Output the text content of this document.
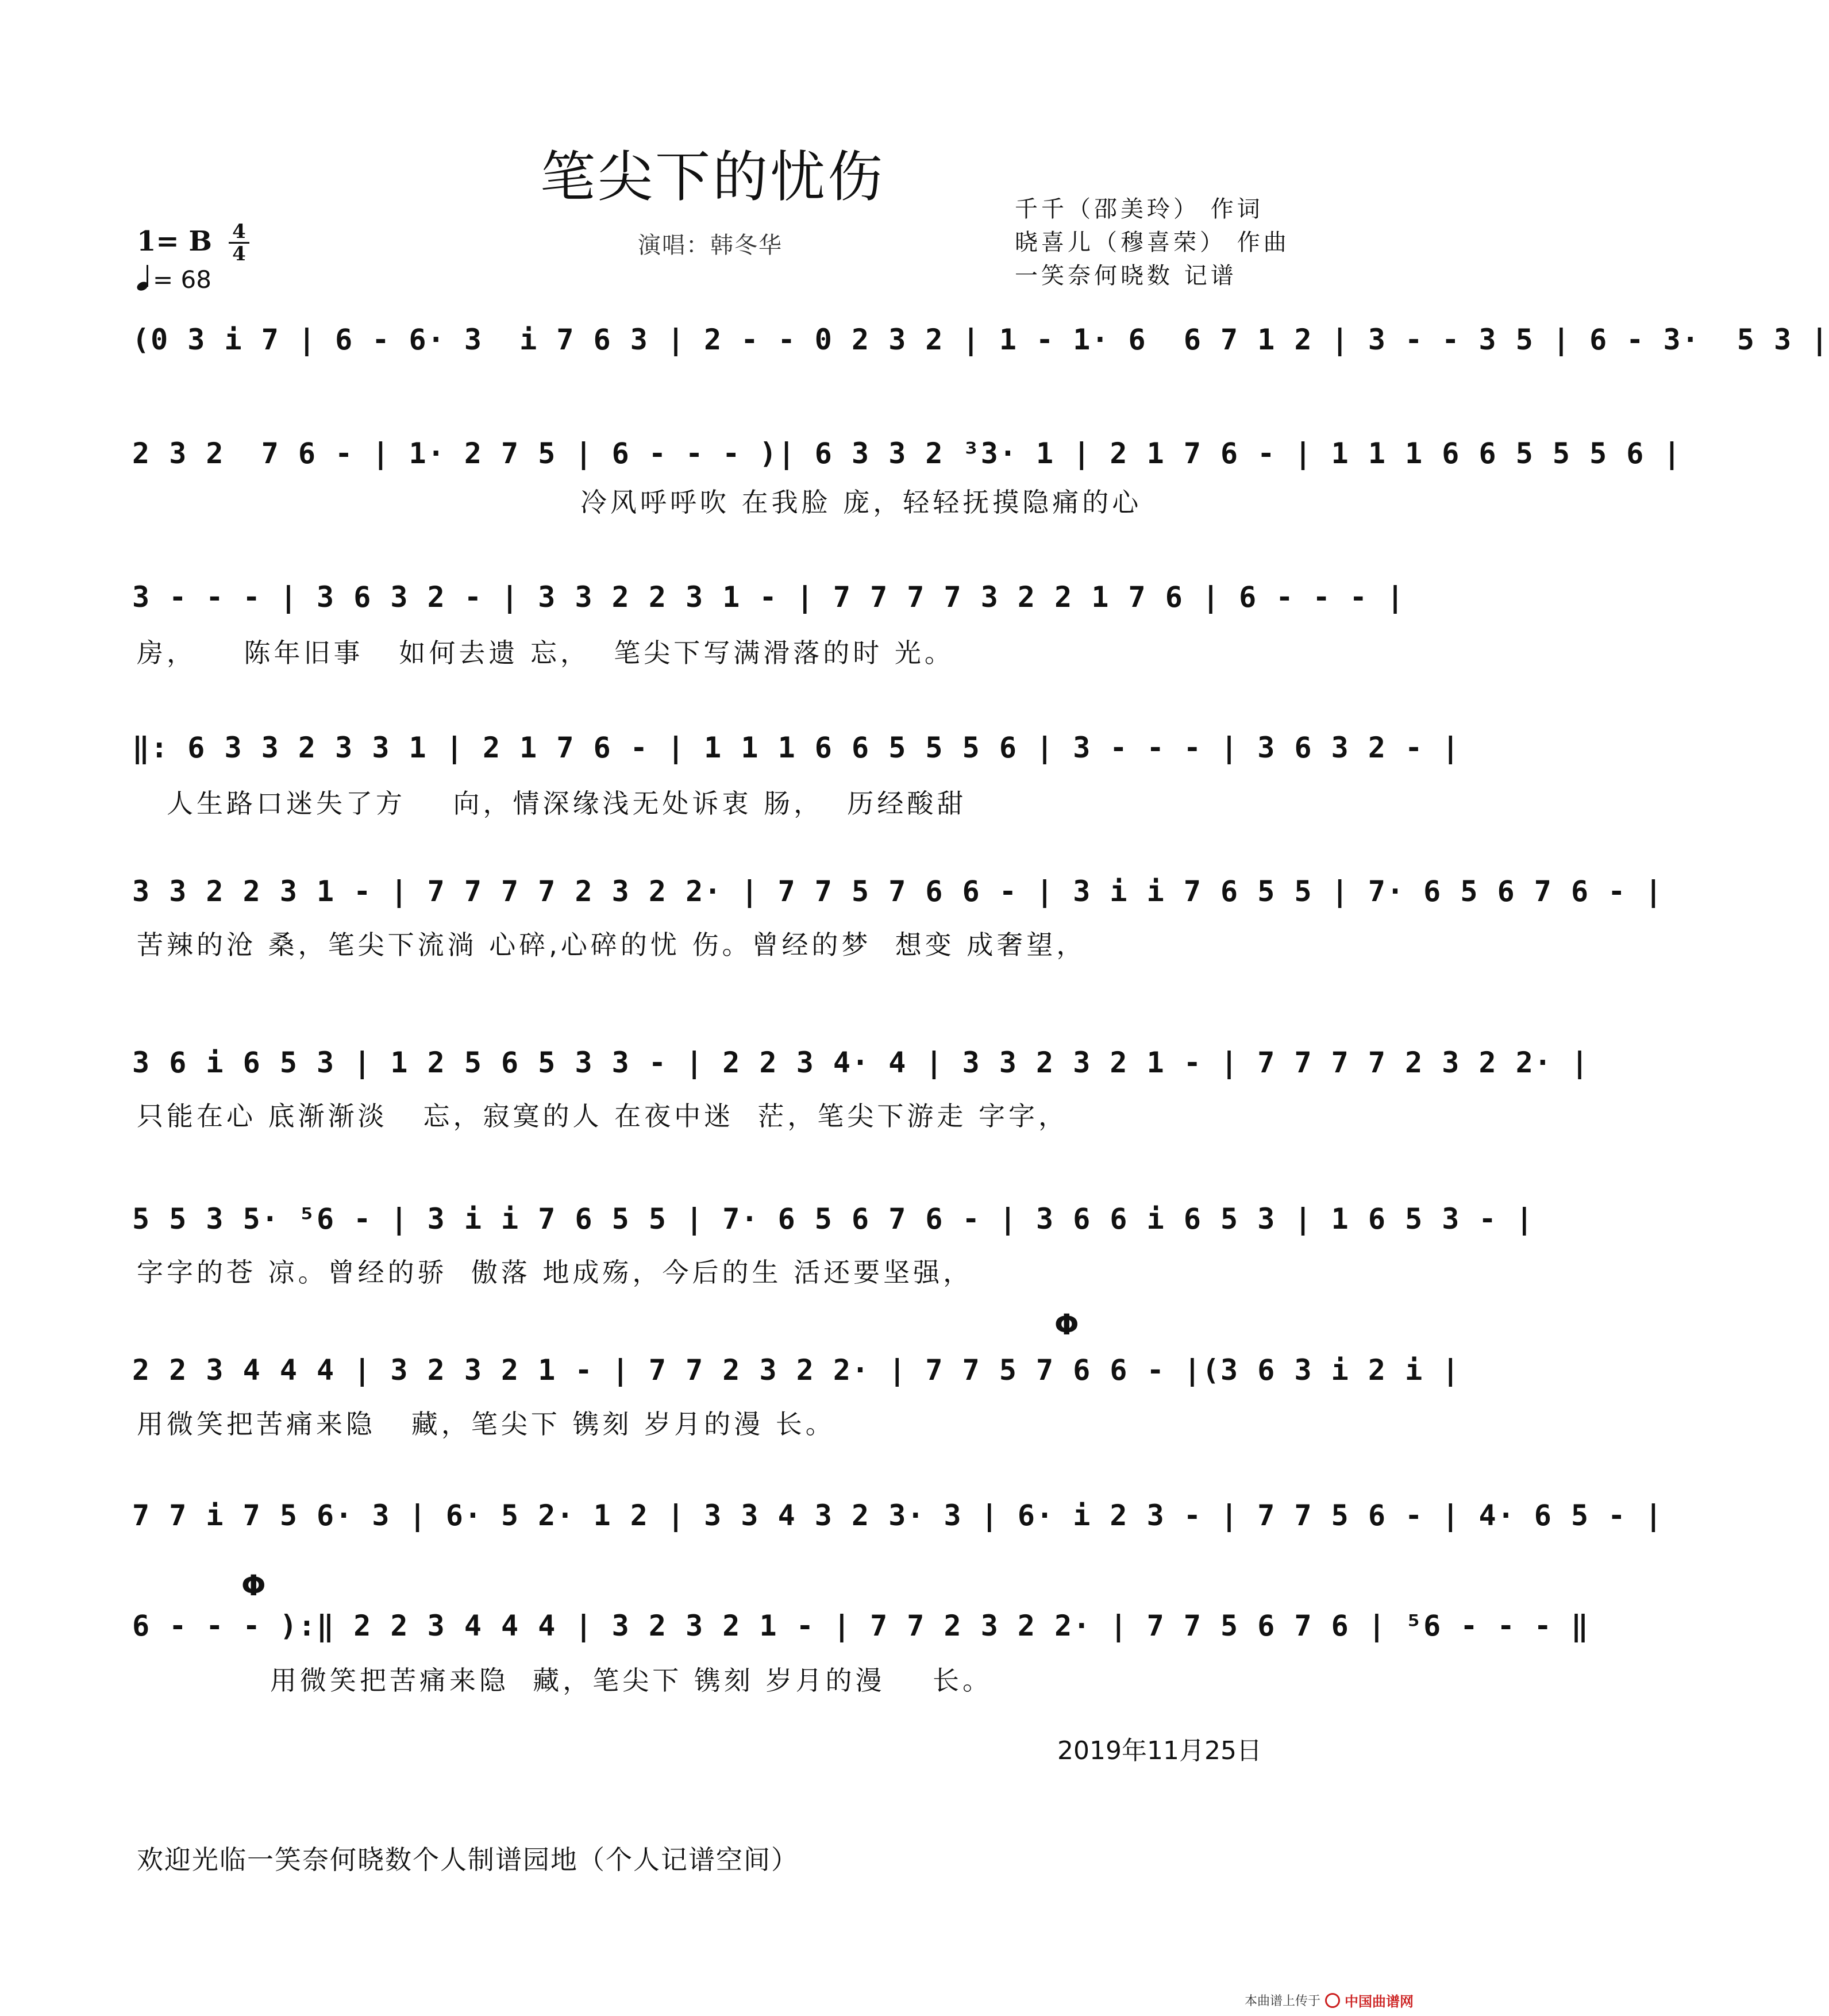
笔尖下的忧伤
演唱：韩冬华
千千（邵美玲） 作词
晓喜儿（穆喜荣） 作曲
一笑奈何晓数 记谱
1= B	4
4
= 68
(0 3 i 7 | 6 - 6· 3  i 7 6 3 | 2 - - 0 2 3 2 | 1 - 1· 6  6 7 1 2 | 3 - - 3 5 | 6 - 3·  5 3 |
2 3 2  7 6 - | 1· 2 7 5 | 6 - - - )| 6 3 3 2 ³3· 1 | 2 1 7 6 - | 1 1 1 6 6 5 5 5 6 |
冷风呼呼吹 在我脸 庞，轻轻抚摸隐痛的心
3 - - - | 3 6 3 2 - | 3 3 2 2 3 1 - | 7 7 7 7 3 2 2 1 7 6 | 6 - - - |
房，    陈年旧事   如何去遗 忘，  笔尖下写满滑落的时 光。
‖: 6 3 3 2 3 3 1 | 2 1 7 6 - | 1 1 1 6 6 5 5 5 6 | 3 - - - | 3 6 3 2 - |
人生路口迷失了方    向，情深缘浅无处诉衷 肠，  历经酸甜
3 3 2 2 3 1 - | 7 7 7 7 2 3 2 2· | 7 7 5 7 6 6 - | 3 i i 7 6 5 5 | 7· 6 5 6 7 6 - |
苦辣的沧 桑，笔尖下流淌 心碎,心碎的忧 伤。曾经的梦  想变 成奢望，
3 6 i 6 5 3 | 1 2 5 6 5 3 3 - | 2 2 3 4· 4 | 3 3 2 3 2 1 - | 7 7 7 7 2 3 2 2· |
只能在心 底渐渐淡   忘，寂寞的人 在夜中迷  茫，笔尖下游走 字字，
5 5 3 5· ⁵6 - | 3 i i 7 6 5 5 | 7· 6 5 6 7 6 - | 3 6 6 i 6 5 3 | 1 6 5 3 - |
字字的苍 凉。曾经的骄  傲落 地成殇，今后的生 活还要坚强，
Φ
2 2 3 4 4 4 | 3 2 3 2 1 - | 7 7 2 3 2 2· | 7 7 5 7 6 6 - |(3 6 3 i 2 i |
用微笑把苦痛来隐   藏，笔尖下 镌刻 岁月的漫 长。
7 7 i 7 5 6· 3 | 6· 5 2· 1 2 | 3 3 4 3 2 3· 3 | 6· i 2 3 - | 7 7 5 6 - | 4· 6 5 - |
Φ
6 - - - ):‖ 2 2 3 4 4 4 | 3 2 3 2 1 - | 7 7 2 3 2 2· | 7 7 5 6 7 6 | ⁵6 - - - ‖
用微笑把苦痛来隐  藏，笔尖下 镌刻 岁月的漫    长。
2019年11月25日
欢迎光临一笑奈何晓数个人制谱园地（个人记谱空间）
本曲谱上传于 中国曲谱网
